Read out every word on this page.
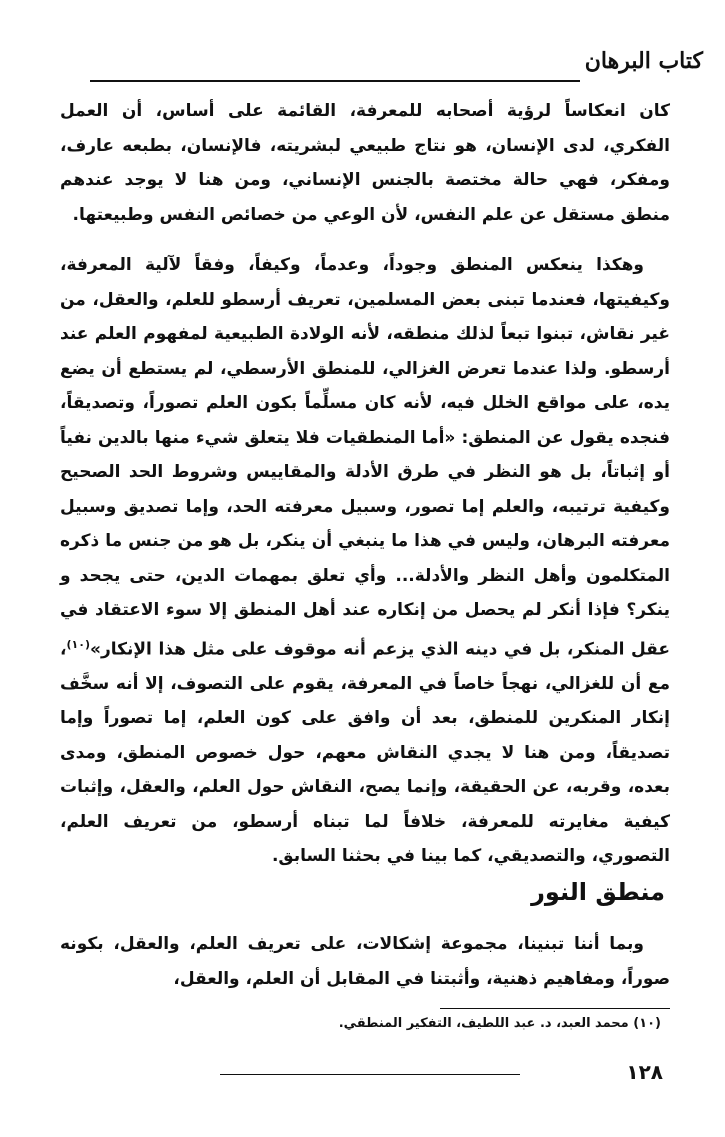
كتاب البرهان

كان انعكاساً لرؤية أصحابه للمعرفة، القائمة على أساس، أن العمل الفكري، لدى الإنسان، هو نتاج طبيعي لبشريته، فالإنسان، بطبعه عارف، ومفكر، فهي حالة مختصة بالجنس الإنساني، ومن هنا لا يوجد عندهم منطق مستقل عن علم النفس، لأن الوعي من خصائص النفس وطبيعتها.

وهكذا ينعكس المنطق وجوداً، وعدماً، وكيفاً، وفقاً لآلية المعرفة، وكيفيتها، فعندما تبنى بعض المسلمين، تعريف أرسطو للعلم، والعقل، من غير نقاش، تبنوا تبعاً لذلك منطقه، لأنه الولادة الطبيعية لمفهوم العلم عند أرسطو. ولذا عندما تعرض الغزالي، للمنطق الأرسطي، لم يستطع أن يضع يده، على مواقع الخلل فيه، لأنه كان مسلِّماً بكون العلم تصوراً، وتصديقاً، فنجده يقول عن المنطق: «أما المنطقيات فلا يتعلق شيء منها بالدين نفياً أو إثباتاً، بل هو النظر في طرق الأدلة والمقاييس وشروط الحد الصحيح وكيفية ترتيبه، والعلم إما تصور، وسبيل معرفته الحد، وإما تصديق وسبيل معرفته البرهان، وليس في هذا ما ينبغي أن ينكر، بل هو من جنس ما ذكره المتكلمون وأهل النظر والأدلة... وأي تعلق بمهمات الدين، حتى يجحد و ينكر؟ فإذا أنكر لم يحصل من إنكاره عند أهل المنطق إلا سوء الاعتقاد في عقل المنكر، بل في دينه الذي يزعم أنه موقوف على مثل هذا الإنكار»$^{(١٠)}$، مع أن للغزالي، نهجاً خاصاً في المعرفة، يقوم على التصوف، إلا أنه سخَّف إنكار المنكرين للمنطق، بعد أن وافق على كون العلم، إما تصوراً وإما تصديقاً، ومن هنا لا يجدي النقاش معهم، حول خصوص المنطق، ومدى بعده، وقربه، عن الحقيقة، وإنما يصح، النقاش حول العلم، والعقل، وإثبات كيفية مغايرته للمعرفة، خلافاً لما تبناه أرسطو، من تعريف العلم، التصوري، والتصديقي، كما بينا في بحثنا السابق.

منطق النور

وبما أننا تبنينا، مجموعة إشكالات، على تعريف العلم، والعقل، بكونه صوراً، ومفاهيم ذهنية، وأثبتنا في المقابل أن العلم، والعقل،

(١٠) محمد العبد، د. عبد اللطيف، التفكير المنطقي.
١٢٨
